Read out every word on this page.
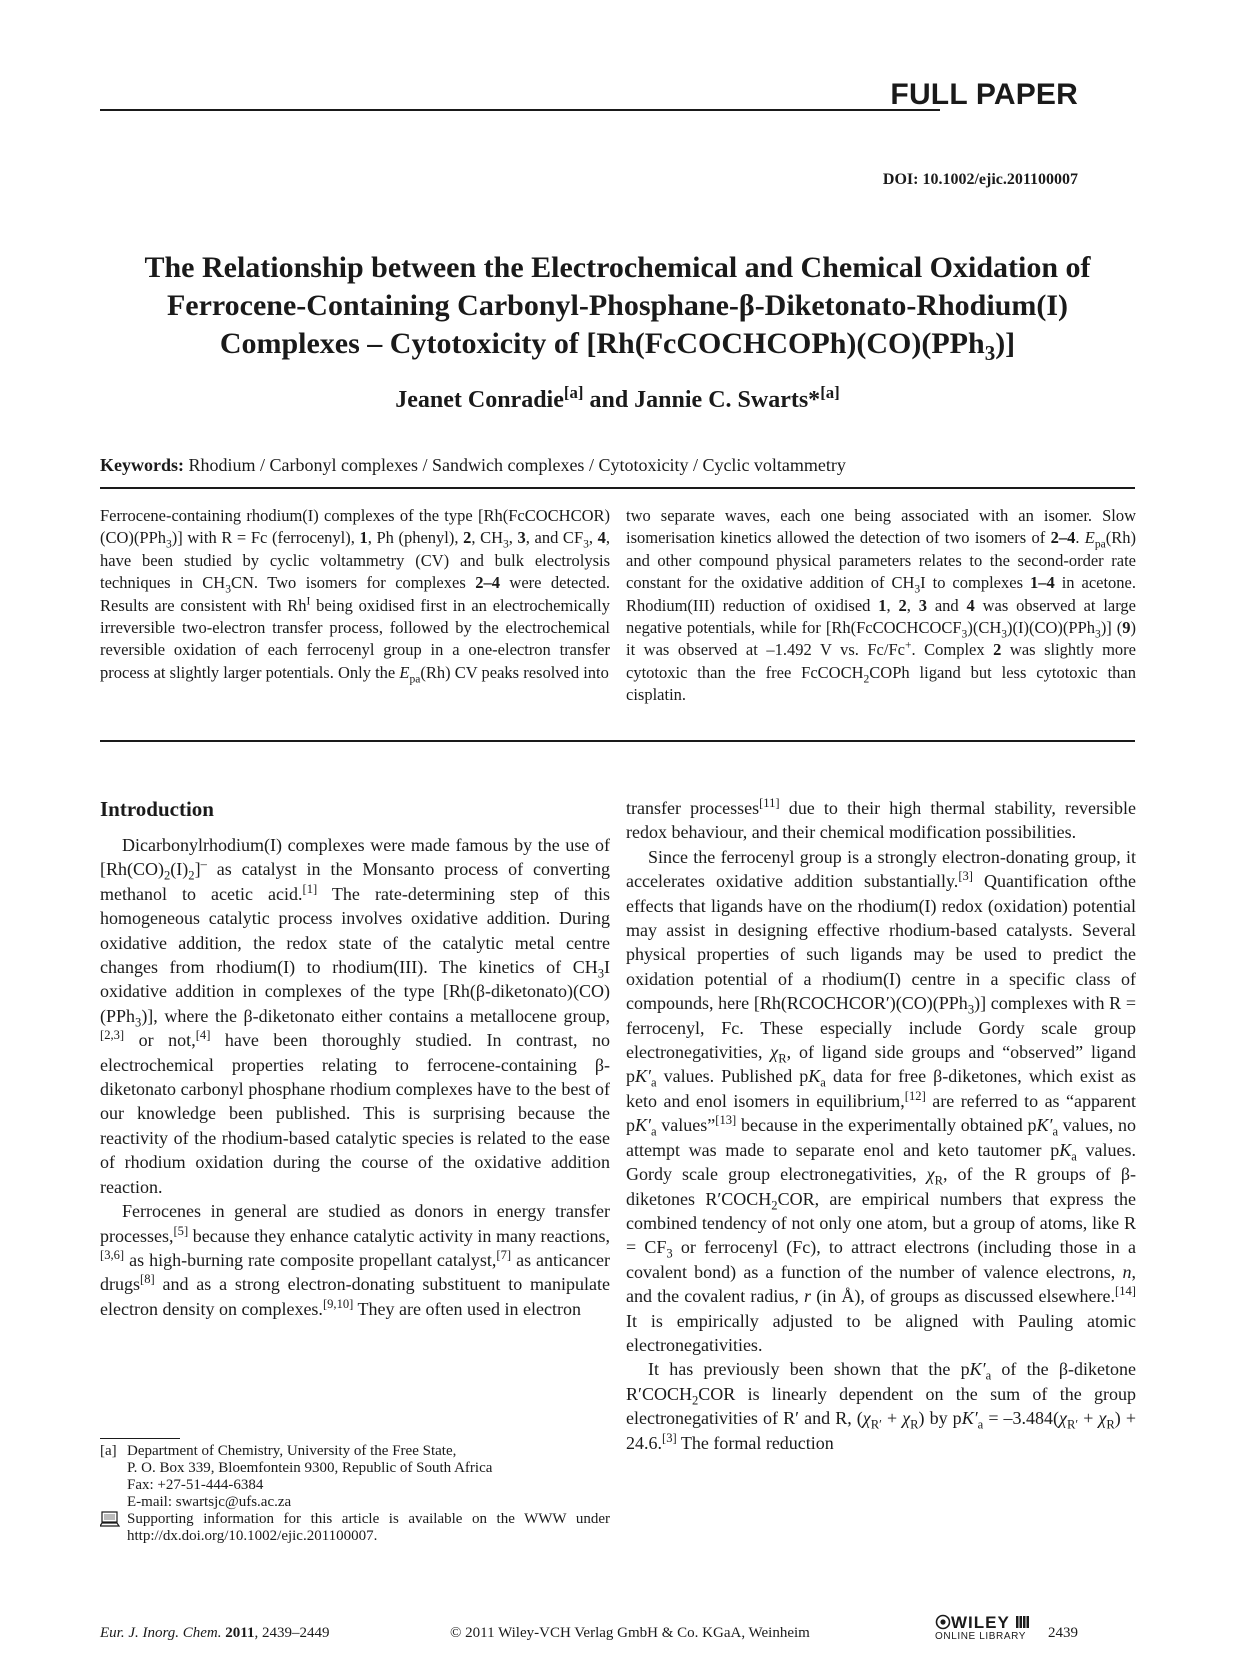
FULL PAPER
DOI: 10.1002/ejic.201100007
The Relationship between the Electrochemical and Chemical Oxidation of
Ferrocene-Containing Carbonyl-Phosphane-β-Diketonato-Rhodium(I)
Complexes – Cytotoxicity of [Rh(FcCOCHCOPh)(CO)(PPh$_3$)]
Jeanet Conradie[a] and Jannie C. Swarts*[a]
Keywords: Rhodium / Carbonyl complexes / Sandwich complexes / Cytotoxicity / Cyclic voltammetry

Ferrocene-containing rhodium(I) complexes of the type [Rh(FcCOCHCOR)(CO)(PPh$_3$)] with R = Fc (ferrocenyl), 1, Ph (phenyl), 2, $CH_3$, 3, and $CF_3$, 4, have been studied by cyclic voltammetry (CV) and bulk electrolysis techniques in $CH_3CN$. Two isomers for complexes 2–4 were detected. Results are consistent with $Rh^I$ being oxidised first in an electrochemically irreversible two-electron transfer process, followed by the electrochemical reversible oxidation of each ferrocenyl group in a one-electron transfer process at slightly larger potentials. Only the $E_{pa}(Rh)$ CV peaks resolved into

two separate waves, each one being associated with an isomer. Slow isomerisation kinetics allowed the detection of two isomers of 2–4. $E_{pa}(Rh)$ and other compound physical parameters relates to the second-order rate constant for the oxidative addition of $CH_3I$ to complexes 1–4 in acetone. Rhodium(III) reduction of oxidised 1, 2, 3 and 4 was observed at large negative potentials, while for $[Rh(FcCOCHCOCF_3)(CH_3)(I)(CO)(PPh_3)]$ (9) it was observed at –1.492 V vs. Fc/Fc+. Complex 2 was slightly more cytotoxic than the free FcCOCH$_2$COPh ligand but less cytotoxic than cisplatin.

Introduction

Dicarbonylrhodium(I) complexes were made famous by the use of $[Rh(CO)_2(I)_2]^-$ as catalyst in the Monsanto process of converting methanol to acetic acid.[1] The rate-determining step of this homogeneous catalytic process involves oxidative addition. During oxidative addition, the redox state of the catalytic metal centre changes from rhodium(I) to rhodium(III). The kinetics of $CH_3I$ oxidative addition in complexes of the type [Rh(β-diketonato)(CO)(PPh$_3$)], where the β-diketonato either contains a metallocene group,[2,3] or not,[4] have been thoroughly studied. In contrast, no electrochemical properties relating to ferrocene-containing β-diketonato carbonyl phosphane rhodium complexes have to the best of our knowledge been published. This is surprising because the reactivity of the rhodium-based catalytic species is related to the ease of rhodium oxidation during the course of the oxidative addition reaction.

Ferrocenes in general are studied as donors in energy transfer processes,[5] because they enhance catalytic activity in many reactions,[3,6] as high-burning rate composite propellant catalyst,[7] as anticancer drugs[8] and as a strong electron-donating substituent to manipulate electron density on complexes.[9,10] They are often used in electron

[a] Department of Chemistry, University of the Free State,
P. O. Box 339, Bloemfontein 9300, Republic of South Africa
Fax: +27-51-444-6384
E-mail: swartsjc@ufs.ac.za
Supporting information for this article is available on the WWW under http://dx.doi.org/10.1002/ejic.201100007.

transfer processes[11] due to their high thermal stability, reversible redox behaviour, and their chemical modification possibilities.

Since the ferrocenyl group is a strongly electron-donating group, it accelerates oxidative addition substantially.[3] Quantification ofthe effects that ligands have on the rhodium(I) redox (oxidation) potential may assist in designing effective rhodium-based catalysts. Several physical properties of such ligands may be used to predict the oxidation potential of a rhodium(I) centre in a specific class of compounds, here [Rh(RCOCHCOR′)(CO)(PPh$_3$)] complexes with R = ferrocenyl, Fc. These especially include Gordy scale group electronegativities, $\chi_R$, of ligand side groups and “observed” ligand $pK'_a$ values. Published $pK_a$ data for free β-diketones, which exist as keto and enol isomers in equilibrium,[12] are referred to as “apparent $pK'_a$ values”[13] because in the experimentally obtained $pK'_a$ values, no attempt was made to separate enol and keto tautomer $pK_a$ values. Gordy scale group electronegativities, $\chi_R$, of the R groups of β-diketones $R'COCH_2COR$, are empirical numbers that express the combined tendency of not only one atom, but a group of atoms, like $R = CF_3$ or ferrocenyl (Fc), to attract electrons (including those in a covalent bond) as a function of the number of valence electrons, n, and the covalent radius, r (in Å), of groups as discussed elsewhere.[14] It is empirically adjusted to be aligned with Pauling atomic electronegativities.

It has previously been shown that the $pK'_a$ of the β-diketone $R'COCH_2COR$ is linearly dependent on the sum of the group electronegativities of R′ and R, $(\chi_{R'} + \chi_R)$ by $pK'_a = -3.484(\chi_{R'} + \chi_R) + 24.6.[3]$ The formal reduction

Eur. J. Inorg. Chem. 2011, 2439–2449	© 2011 Wiley-VCH Verlag GmbH & Co. KGaA, Weinheim
WILEY
ONLINE LIBRARY	2439
